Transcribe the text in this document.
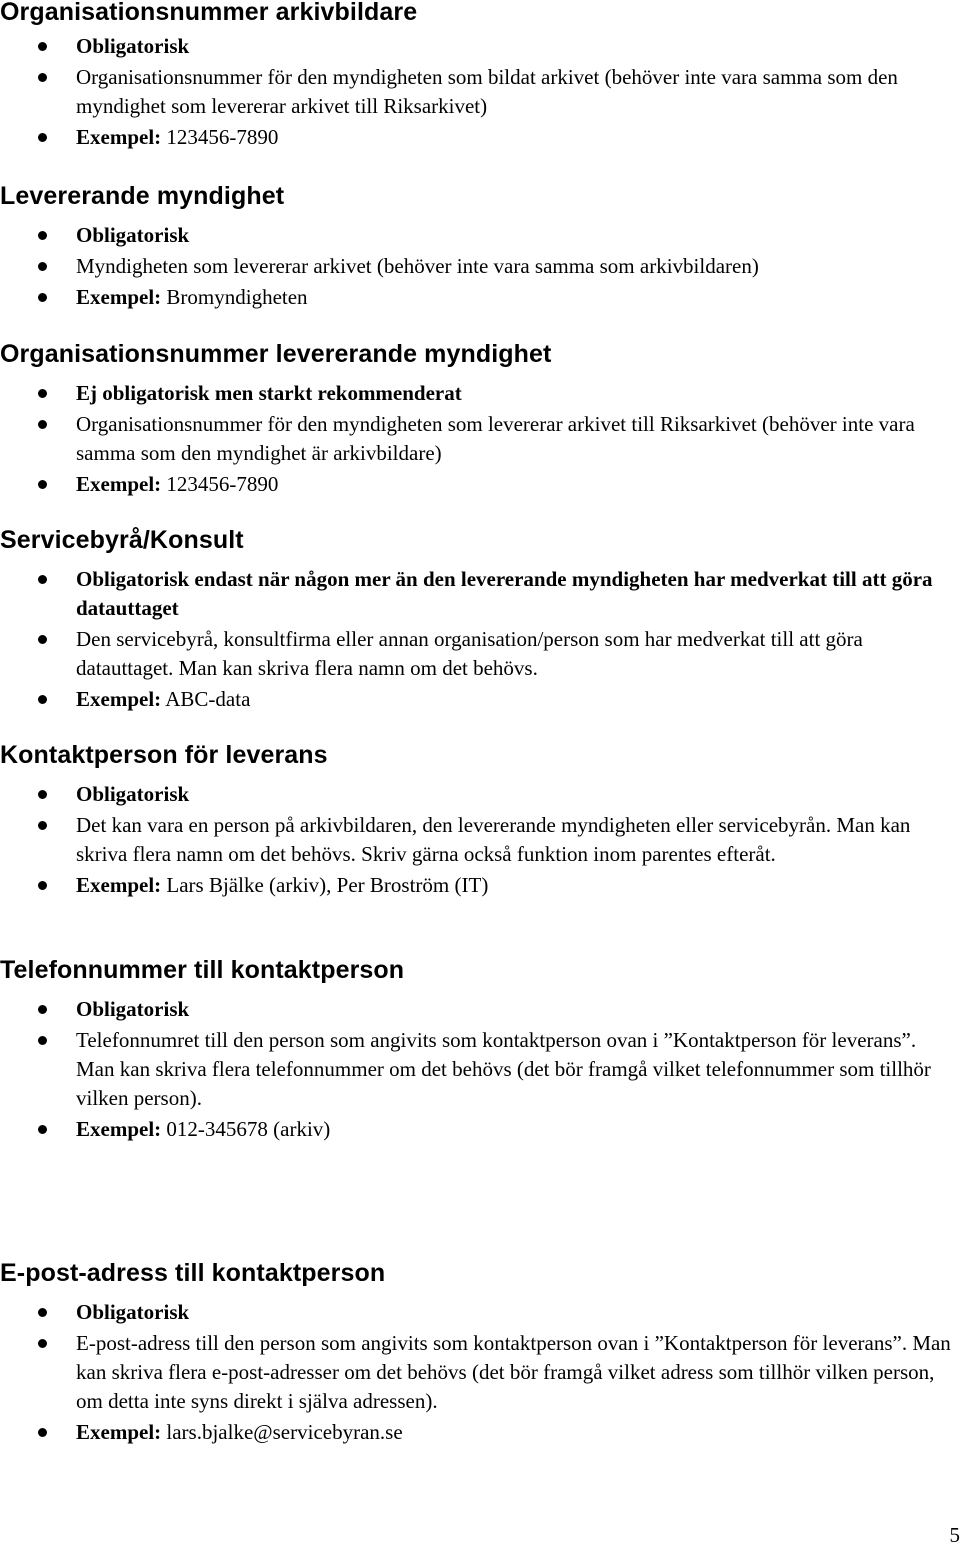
Organisationsnummer arkivbildare
Obligatorisk
Organisationsnummer för den myndigheten som bildat arkivet (behöver inte vara samma som den myndighet som levererar arkivet till Riksarkivet)
Exempel: 123456-7890
Levererande myndighet
Obligatorisk
Myndigheten som levererar arkivet (behöver inte vara samma som arkivbildaren)
Exempel: Bromyndigheten
Organisationsnummer levererande myndighet
Ej obligatorisk men starkt rekommenderat
Organisationsnummer för den myndigheten som levererar arkivet till Riksarkivet (behöver inte vara samma som den myndighet är arkivbildare)
Exempel: 123456-7890
Servicebyrå/Konsult
Obligatorisk endast när någon mer än den levererande myndigheten har medverkat till att göra datauttaget
Den servicebyrå, konsultfirma eller annan organisation/person som har medverkat till att göra datauttaget. Man kan skriva flera namn om det behövs.
Exempel: ABC-data
Kontaktperson för leverans
Obligatorisk
Det kan vara en person på arkivbildaren, den levererande myndigheten eller servicebyrån. Man kan skriva flera namn om det behövs. Skriv gärna också funktion inom parentes efteråt.
Exempel: Lars Bjälke (arkiv), Per Broström (IT)
Telefonnummer till kontaktperson
Obligatorisk
Telefonnumret till den person som angivits som kontaktperson ovan i ”Kontaktperson för leverans”. Man kan skriva flera telefonnummer om det behövs (det bör framgå vilket telefonnummer som tillhör vilken person).
Exempel: 012-345678 (arkiv)
E-post-adress till kontaktperson
Obligatorisk
E-post-adress till den person som angivits som kontaktperson ovan i ”Kontaktperson för leverans”. Man kan skriva flera e-post-adresser om det behövs (det bör framgå vilket adress som tillhör vilken person, om detta inte syns direkt i själva adressen).
Exempel: lars.bjalke@servicebyran.se
5
